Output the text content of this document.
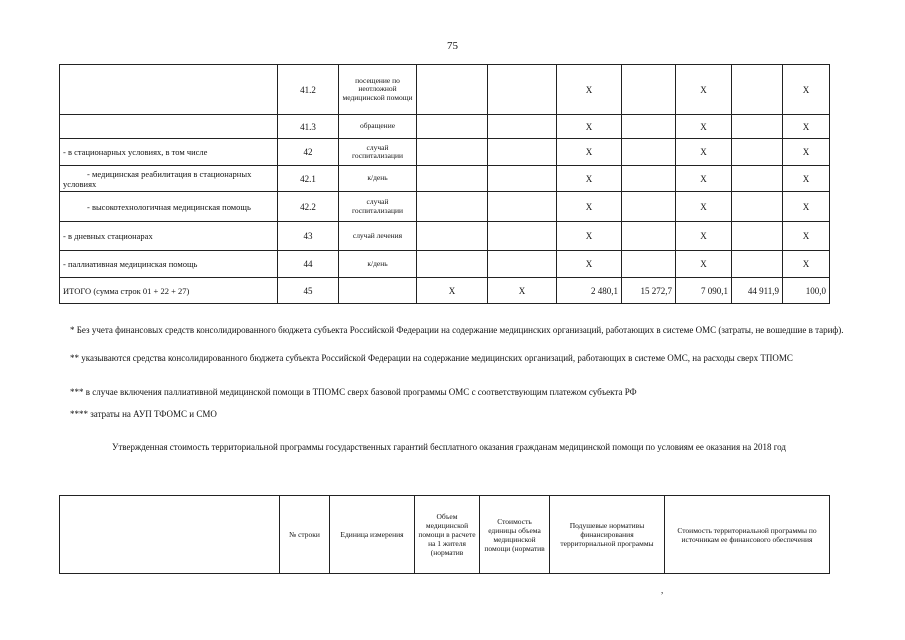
75
	41.2	посещение по неотложной медицинской помощи			X		X		X
	41.3	обращение			X		X		X
- в стационарных условиях, в том числе	42	случай госпитализации			X		X		X
- медицинская реабилитация в стационарных условиях	42.1	к/день			X		X		X
- высокотехнологичная медицинская помощь	42.2	случай госпитализации			X		X		X
- в дневных стационарах	43	случай лечения			X		X		X
- паллиативная медицинская помощь	44	к/день			X		X		X
ИТОГО (сумма строк 01 + 22 + 27)	45		X	X	2 480,1	15 272,7	7 090,1	44 911,9	100,0
* Без учета финансовых средств консолидированного бюджета субъекта Российской Федерации на содержание медицинских организаций, работающих в системе ОМС (затраты, не вошедшие в тариф).
** указываются средства консолидированного бюджета субъекта Российской Федерации на содержание медицинских организаций, работающих в системе ОМС, на расходы сверх ТПОМС
*** в случае включения паллиативной медицинской помощи в ТПОМС сверх базовой программы ОМС с соответствующим платежом субъекта РФ
**** затраты на АУП ТФОМС и СМО
Утвержденная стоимость территориальной программы государственных гарантий бесплатного оказания гражданам медицинской помощи по условиям ее оказания на 2018 год
	№ строки	Единица измерения	Объем медицинской помощи в расчете на 1 жителя (норматив	Стоимость единицы объема медицинской помощи (норматив	Подушевые нормативы финансирования территориальной программы	Стоимость территориальной программы по источникам ее финансового обеспечения
,
